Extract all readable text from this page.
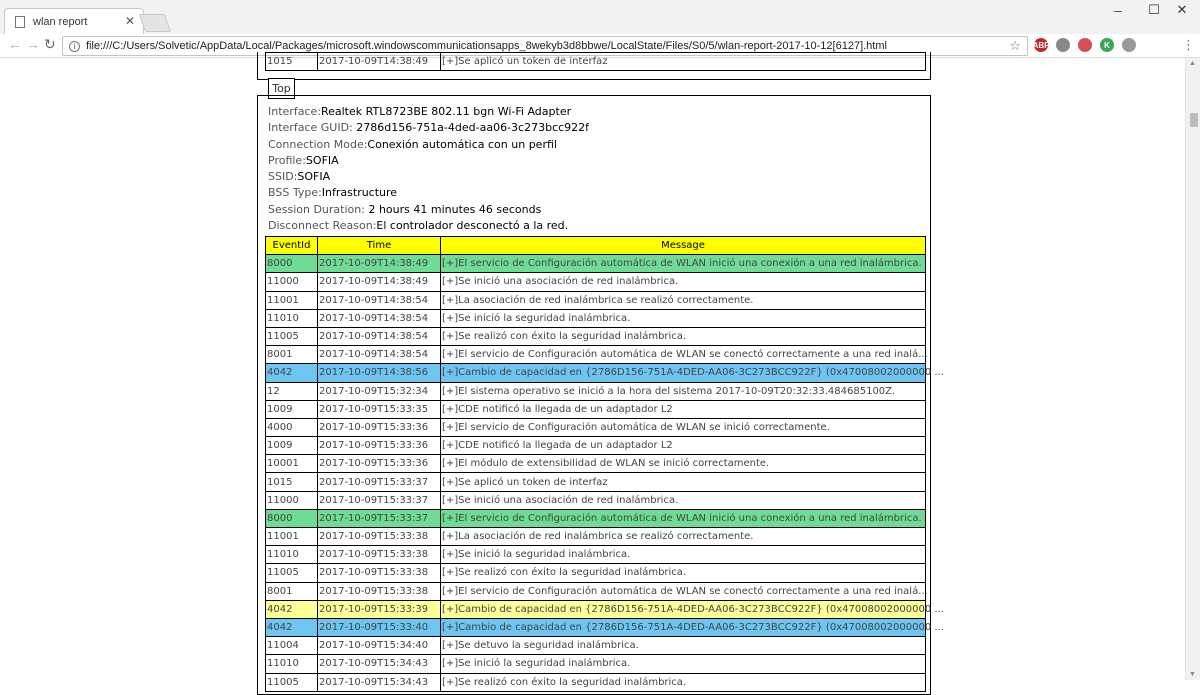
wlan report	✕
–	☐	✕
← → ↻	i file:///C:/Users/Solvetic/AppData/Local/Packages/microsoft.windowscommunicationsapps_8wekyb3d8bbwe/LocalState/Files/S0/5/wlan-report-2017-10-12[6127].html	☆ ABP	K	⋮
1015	2017-10-09T14:38:49	[+]Se aplicó un token de interfaz
Top
Interface:Realtek RTL8723BE 802.11 bgn Wi-Fi Adapter
Interface GUID: 2786d156-751a-4ded-aa06-3c273bcc922f
Connection Mode:Conexión automática con un perfil
Profile:SOFIA
SSID:SOFIA
BSS Type:Infrastructure
Session Duration: 2 hours 41 minutes 46 seconds
Disconnect Reason:El controlador desconectó a la red.
EventId	Time	Message
8000	2017-10-09T14:38:49	[+]El servicio de Configuración automática de WLAN inició una conexión a una red inalámbrica.
11000	2017-10-09T14:38:49	[+]Se inició una asociación de red inalámbrica.
11001	2017-10-09T14:38:54	[+]La asociación de red inalámbrica se realizó correctamente.
11010	2017-10-09T14:38:54	[+]Se inició la seguridad inalámbrica.
11005	2017-10-09T14:38:54	[+]Se realizó con éxito la seguridad inalámbrica.
8001	2017-10-09T14:38:54	[+]El servicio de Configuración automática de WLAN se conectó correctamente a una red inalá...
4042	2017-10-09T14:38:56	[+]Cambio de capacidad en {2786D156-751A-4DED-AA06-3C273BCC922F} (0x47008002000000 ...
12	2017-10-09T15:32:34	[+]El sistema operativo se inició a la hora del sistema 2017-10-09T20:32:33.484685100Z.
1009	2017-10-09T15:33:35	[+]CDE notificó la llegada de un adaptador L2
4000	2017-10-09T15:33:36	[+]El servicio de Configuración automática de WLAN se inició correctamente.
1009	2017-10-09T15:33:36	[+]CDE notificó la llegada de un adaptador L2
10001	2017-10-09T15:33:36	[+]El módulo de extensibilidad de WLAN se inició correctamente.
1015	2017-10-09T15:33:37	[+]Se aplicó un token de interfaz
11000	2017-10-09T15:33:37	[+]Se inició una asociación de red inalámbrica.
8000	2017-10-09T15:33:37	[+]El servicio de Configuración automática de WLAN inició una conexión a una red inalámbrica.
11001	2017-10-09T15:33:38	[+]La asociación de red inalámbrica se realizó correctamente.
11010	2017-10-09T15:33:38	[+]Se inició la seguridad inalámbrica.
11005	2017-10-09T15:33:38	[+]Se realizó con éxito la seguridad inalámbrica.
8001	2017-10-09T15:33:38	[+]El servicio de Configuración automática de WLAN se conectó correctamente a una red inalá...
4042	2017-10-09T15:33:39	[+]Cambio de capacidad en {2786D156-751A-4DED-AA06-3C273BCC922F} (0x47008002000000 ...
4042	2017-10-09T15:33:40	[+]Cambio de capacidad en {2786D156-751A-4DED-AA06-3C273BCC922F} (0x47008002000000 ...
11004	2017-10-09T15:34:40	[+]Se detuvo la seguridad inalámbrica.
11010	2017-10-09T15:34:43	[+]Se inició la seguridad inalámbrica.
11005	2017-10-09T15:34:43	[+]Se realizó con éxito la seguridad inalámbrica.
▲
▼
